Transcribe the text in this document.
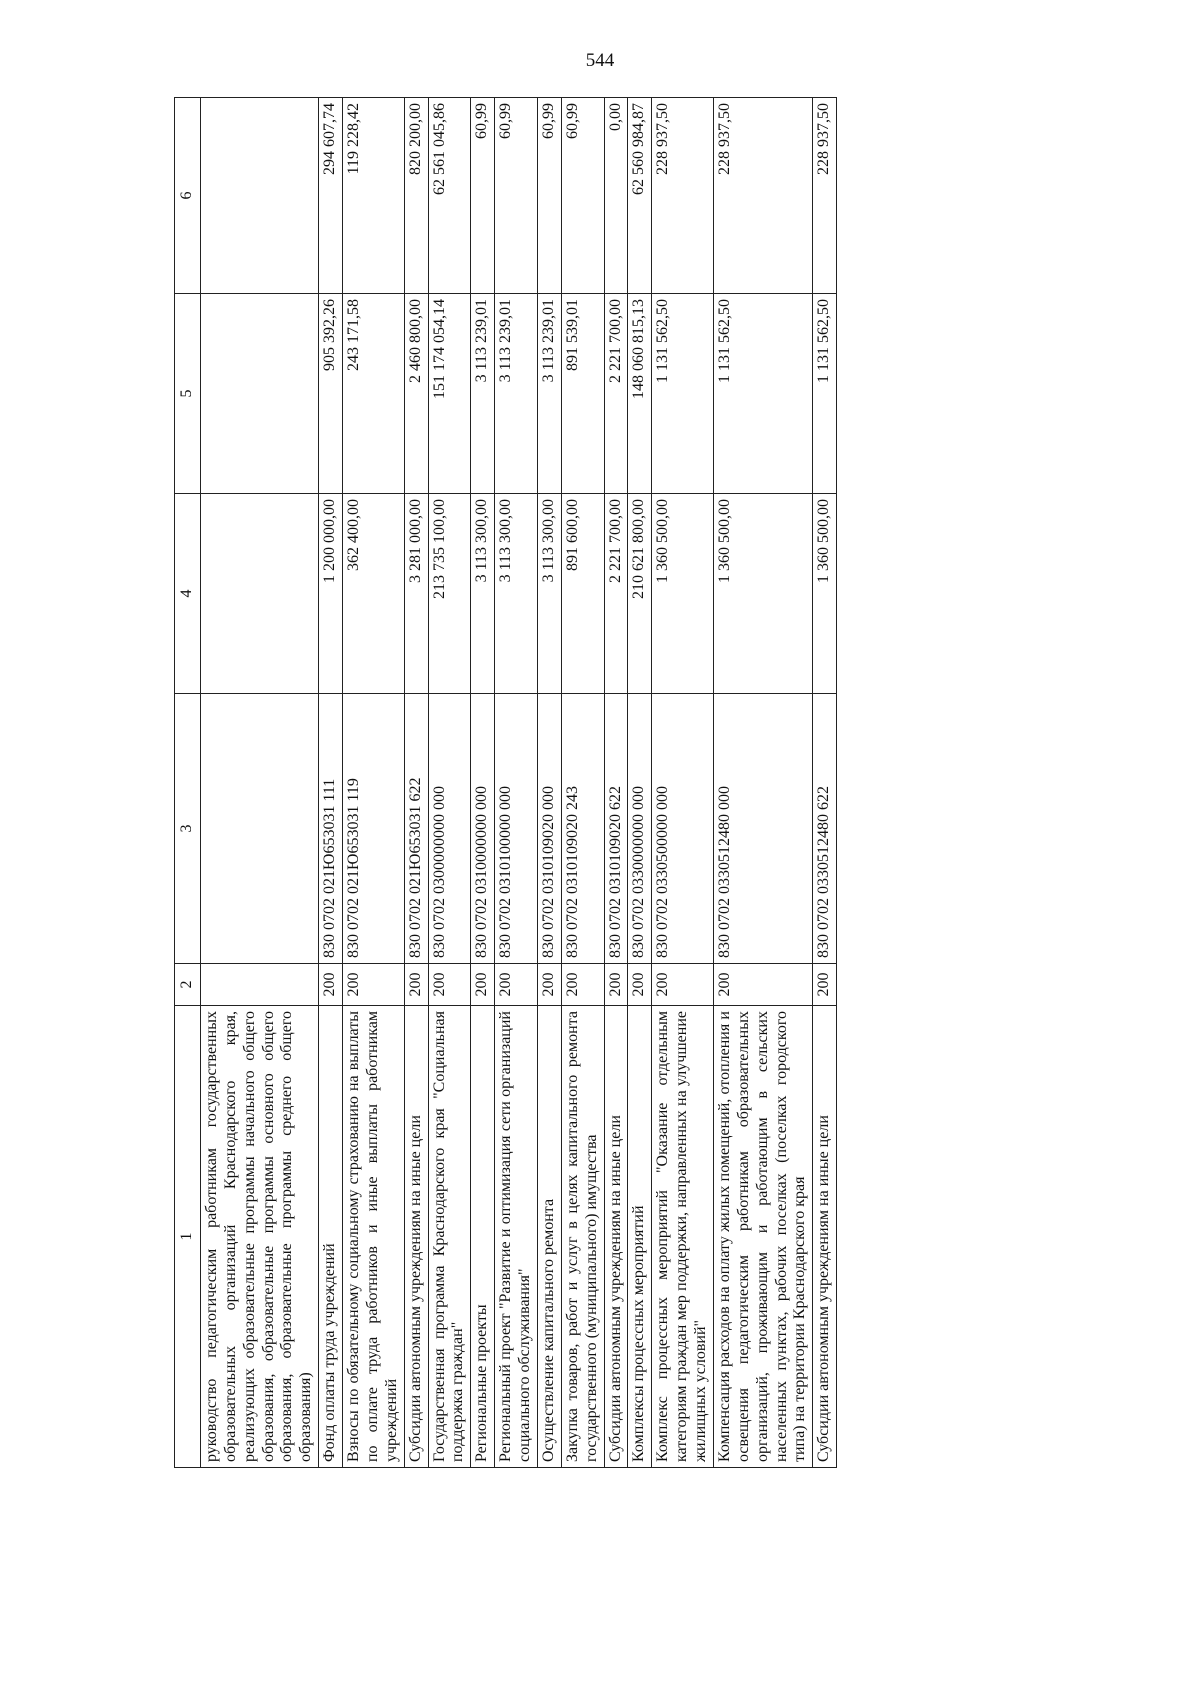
544
1	2	3	4	5	6
руководство педагогическим работникам государственных образовательных организаций Краснодарского края, реализующих образовательные программы начального общего образования, образовательные программы основного общего образования, образовательные программы среднего общего образования)					
Фонд оплаты труда учреждений	200	830 0702 021Ю653031 111	1 200 000,00	905 392,26	294 607,74
Взносы по обязательному социальному страхованию на выплаты по оплате труда работников и иные выплаты работникам учреждений	200	830 0702 021Ю653031 119	362 400,00	243 171,58	119 228,42
Субсидии автономным учреждениям на иные цели	200	830 0702 021Ю653031 622	3 281 000,00	2 460 800,00	820 200,00
Государственная программа Краснодарского края "Социальная поддержка граждан"	200	830 0702 0300000000 000	213 735 100,00	151 174 054,14	62 561 045,86
Региональные проекты	200	830 0702 0310000000 000	3 113 300,00	3 113 239,01	60,99
Региональный проект "Развитие и оптимизация сети организаций социального обслуживания"	200	830 0702 0310100000 000	3 113 300,00	3 113 239,01	60,99
Осуществление капитального ремонта	200	830 0702 0310109020 000	3 113 300,00	3 113 239,01	60,99
Закупка товаров, работ и услуг в целях капитального ремонта государственного (муниципального) имущества	200	830 0702 0310109020 243	891 600,00	891 539,01	60,99
Субсидии автономным учреждениям на иные цели	200	830 0702 0310109020 622	2 221 700,00	2 221 700,00	0,00
Комплексы процессных мероприятий	200	830 0702 0330000000 000	210 621 800,00	148 060 815,13	62 560 984,87
Комплекс процессных мероприятий "Оказание отдельным категориям граждан мер поддержки, направленных на улучшение жилищных условий"	200	830 0702 0330500000 000	1 360 500,00	1 131 562,50	228 937,50
Компенсация расходов на оплату жилых помещений, отопления и освещения педагогическим работникам образовательных организаций, проживающим и работающим в сельских населенных пунктах, рабочих поселках (поселках городского типа) на территории Краснодарского края	200	830 0702 0330512480 000	1 360 500,00	1 131 562,50	228 937,50
Субсидии автономным учреждениям на иные цели	200	830 0702 0330512480 622	1 360 500,00	1 131 562,50	228 937,50
